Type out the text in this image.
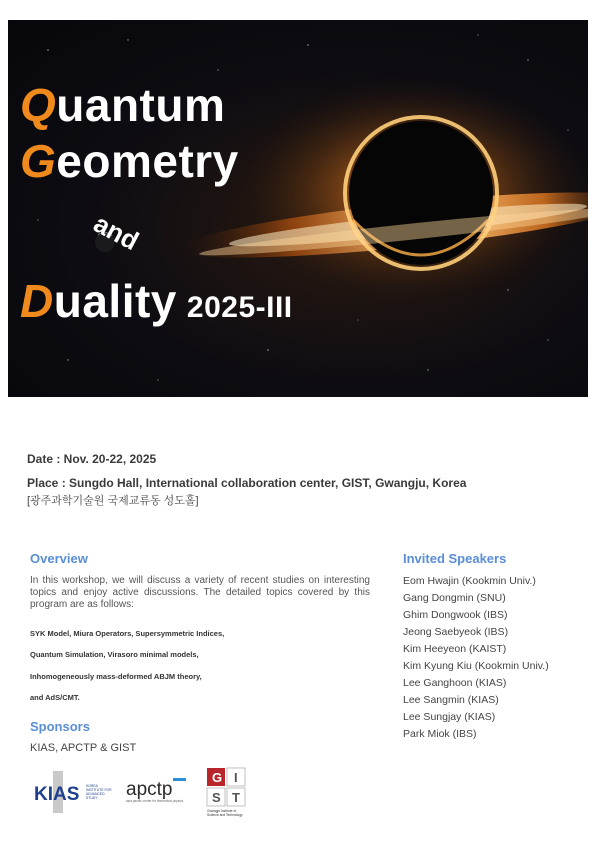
Quantum
Geometry
and
Duality 2025-III
Date : Nov. 20-22, 2025
Place : Sungdo Hall, International collaboration center, GIST, Gwangju, Korea
[광주과학기술원 국제교류동 성도홀]
Overview
In this workshop, we will discuss a variety of recent studies on interesting topics and enjoy active discussions. The detailed topics covered by this program are as follows:
SYK Model, Miura Operators, Supersymmetric Indices,
Quantum Simulation, Virasoro minimal models,
Inhomogeneously mass-deformed ABJM theory,
and AdS/CMT.
Sponsors
KIAS, APCTP & GIST
KIAS KOREA INSTITUTE FOR ADVANCED STUDY	apctp
asia pacific center for theoretical physics
G I
S T
Gwangju Institute of
Science and Technology
Invited Speakers
Eom Hwajin (Kookmin Univ.)
Gang Dongmin (SNU)
Ghim Dongwook (IBS)
Jeong Saebyeok (IBS)
Kim Heeyeon (KAIST)
Kim Kyung Kiu (Kookmin Univ.)
Lee Ganghoon (KIAS)
Lee Sangmin (KIAS)
Lee Sungjay (KIAS)
Park Miok (IBS)
